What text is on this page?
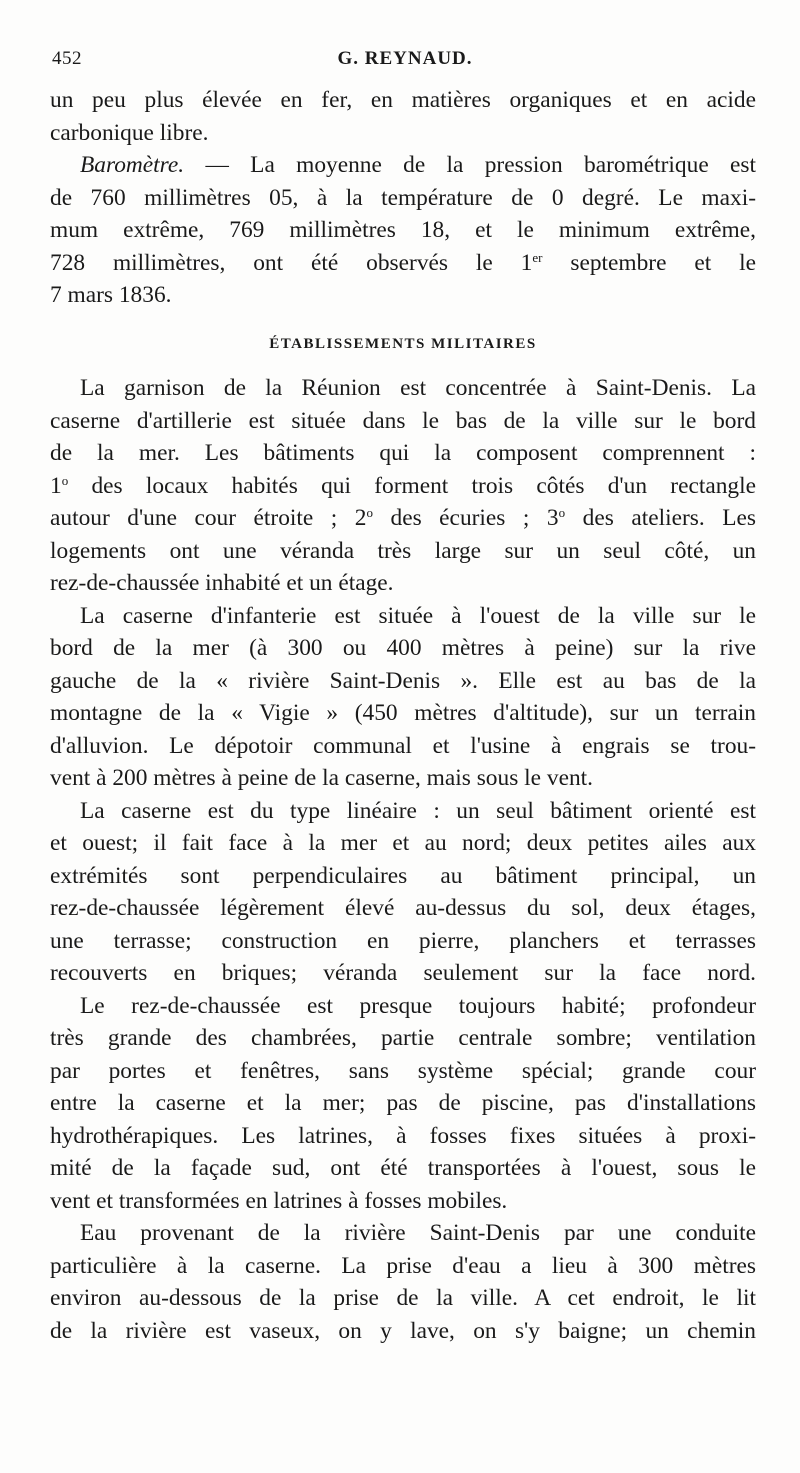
452	G. REYNAUD.
un peu plus élevée en fer, en matières organiques et en acide
carbonique libre.
Baromètre. — La moyenne de la pression barométrique est
de 760 millimètres 05, à la température de 0 degré. Le maxi-
mum extrême, 769 millimètres 18, et le minimum extrême,
728 millimètres, ont été observés le 1er septembre et le
7 mars 1836.
ÉTABLISSEMENTS MILITAIRES
La garnison de la Réunion est concentrée à Saint-Denis. La
caserne d'artillerie est située dans le bas de la ville sur le bord
de la mer. Les bâtiments qui la composent comprennent :
1$^o$ des locaux habités qui forment trois côtés d'un rectangle
autour d'une cour étroite ; 2$^o$ des écuries ; 3$^o$ des ateliers. Les
logements ont une véranda très large sur un seul côté, un
rez-de-chaussée inhabité et un étage.
La caserne d'infanterie est située à l'ouest de la ville sur le
bord de la mer (à 300 ou 400 mètres à peine) sur la rive
gauche de la « rivière Saint-Denis ». Elle est au bas de la
montagne de la « Vigie » (450 mètres d'altitude), sur un terrain
d'alluvion. Le dépotoir communal et l'usine à engrais se trou-
vent à 200 mètres à peine de la caserne, mais sous le vent.
La caserne est du type linéaire : un seul bâtiment orienté est
et ouest; il fait face à la mer et au nord; deux petites ailes aux
extrémités sont perpendiculaires au bâtiment principal, un
rez-de-chaussée légèrement élevé au-dessus du sol, deux étages,
une terrasse; construction en pierre, planchers et terrasses
recouverts en briques; véranda seulement sur la face nord.
Le rez-de-chaussée est presque toujours habité; profondeur
très grande des chambrées, partie centrale sombre; ventilation
par portes et fenêtres, sans système spécial; grande cour
entre la caserne et la mer; pas de piscine, pas d'installations
hydrothérapiques. Les latrines, à fosses fixes situées à proxi-
mité de la façade sud, ont été transportées à l'ouest, sous le
vent et transformées en latrines à fosses mobiles.
Eau provenant de la rivière Saint-Denis par une conduite
particulière à la caserne. La prise d'eau a lieu à 300 mètres
environ au-dessous de la prise de la ville. A cet endroit, le lit
de la rivière est vaseux, on y lave, on s'y baigne; un chemin
